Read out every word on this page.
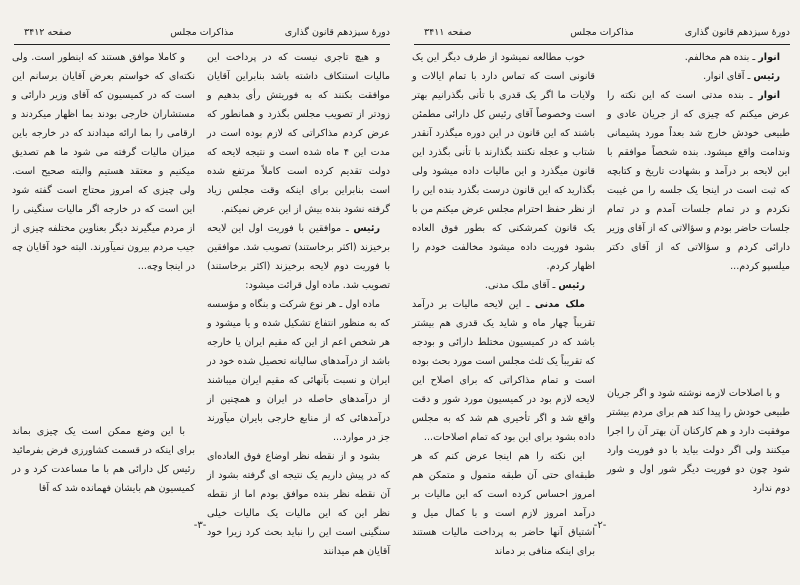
دورهٔ سیزدهم قانون گذاری
مذاکرات مجلس
صفحه ۳۴۱۲

و هیچ تاجری نیست که در پرداخت این مالیات استنکاف داشته باشد بنابراین آقایان موافقت بکنند که به فوریتش رأی بدهیم و زودتر از تصویب مجلس بگذرد و همانطور که عرض کردم مذاکراتی که لازم بوده است در مدت این ۴ ماه شده است و نتیجه لایحه که دولت تقدیم کرده است کاملاً مرتفع شده است بنابراین برای اینکه وقت مجلس زیاد گرفته نشود بنده بیش از این عرض نمیکنم.

رئیس ـ موافقین با فوریت اول این لایحه برخیزند (اکثر برخاستند) تصویب شد. موافقین با فوریت دوم لایحه برخیزند (اکثر برخاستند) تصویب شد. ماده اول قرائت میشود:

ماده اول ـ هر نوع شرکت و بنگاه و مؤسسه که به منظور انتفاع تشکیل شده و یا میشود و هر شخص اعم از این که مقیم ایران یا خارجه باشد از درآمدهای سالیانه تحصیل شده خود در ایران و نسبت بآنهائی که مقیم ایران میباشند از درآمدهای حاصله در ایران و همچنین از درآمدهائی که از منابع خارجی بایران میآورند جز در موارد...

بشود و از نقطه نظر اوضاع فوق العاده‌ای که در پیش داریم یک نتیجه ای گرفته بشود از آن نقطه نظر بنده موافق بودم اما از نقطه نظر این که این مالیات یک مالیات خیلی سنگینی است این را نباید بحث کرد زیرا خود آقایان هم میدانند

و کاملا موافق هستند که اینطور است. ولی نکته‌ای که خواستم بعرض آقایان برسانم این است که در کمیسیون که آقای وزیر دارائی و مستشاران خارجی بودند بما اظهار میکردند و ارقامی را بما ارائه میدادند که در خارجه باین میزان مالیات گرفته می شود ما هم تصدیق میکنیم و معتقد هستیم والبته صحیح است. ولی چیزی که امروز محتاج است گفته شود این است که در خارجه اگر مالیات سنگینی را از مردم میگیرند دیگر بعناوین مختلفه چیزی از جیب مردم بیرون نمیآورند. البته خود آقایان چه در اینجا وچه...

با این وضع ممکن است یک چیزی بماند برای اینکه در قسمت کشاورزی فرض بفرمائید رئیس کل دارائی هم با ما مساعدت کرد و در کمیسیون هم بایشان فهمانده شد که آقا

-۳-
دورهٔ سیزدهم قانون گذاری
مذاکرات مجلس
صفحه ۳۴۱۱

انوار ـ بنده هم مخالفم.

رئیس ـ آقای انوار.

انوار ـ بنده مدتی است که این نکته را عرض میکنم که چیزی که از جریان عادی و طبیعی خودش خارج شد بعداً مورد پشیمانی وندامت واقع میشود. بنده شخصاً موافقم با این لایحه بر درآمد و بشهادت تاریخ و کتابچه که ثبت است در اینجا یک جلسه را من غیبت نکردم و در تمام جلسات آمدم و در تمام جلسات حاضر بودم و سؤالاتی که از آقای وزیر دارائی کردم و سؤالاتی که از آقای دکتر میلسپو کردم...

و با اصلاحات لازمه نوشته شود و اگر جریان طبیعی خودش را پیدا کند هم برای مردم بیشتر موفقیت دارد و هم کارکنان آن بهتر آن را اجرا میکنند ولی اگر دولت بیاید با دو فوریت وارد شود چون دو فوریت دیگر شور اول و شور دوم ندارد

خوب مطالعه نمیشود از طرف دیگر این یک قانونی است که تماس دارد با تمام ایالات و ولایات ما اگر یک قدری با تأنی بگذرانیم بهتر است وخصوصاً آقای رئیس کل دارائی مطمئن باشند که این قانون در این دوره میگذرد آنقدر شتاب و عجله نکنند بگذارند با تأنی بگذرد این قانون میگذرد و این مالیات داده میشود ولی بگذارید که این قانون درست بگذرد بنده این را از نظر حفظ احترام مجلس عرض میکنم من با یک قانون کمرشکنی که بطور فوق العاده بشود فوریت داده میشود مخالفت خودم را اظهار کردم.

رئیس ـ آقای ملک مدنی.

ملک مدنی ـ این لایحه مالیات بر درآمد تقریباً چهار ماه و شاید یک قدری هم بیشتر باشد که در کمیسیون مختلط دارائی و بودجه که تقریباً یک ثلث مجلس است مورد بحث بوده است و تمام مذاکراتی که برای اصلاح این لایحه لازم بود در کمیسیون مورد شور و دقت واقع شد و اگر تأخیری هم شد که به مجلس داده بشود برای این بود که تمام اصلاحات...

این نکته را هم اینجا عرض کنم که هر طبقه‌ای حتی آن طبقه متمول و متمکن هم امروز احساس کرده است که این مالیات بر درآمد امروز لازم است و با کمال میل و اشتیاق آنها حاضر به پرداخت مالیات هستند برای اینکه منافی بر دماند

-۲-
